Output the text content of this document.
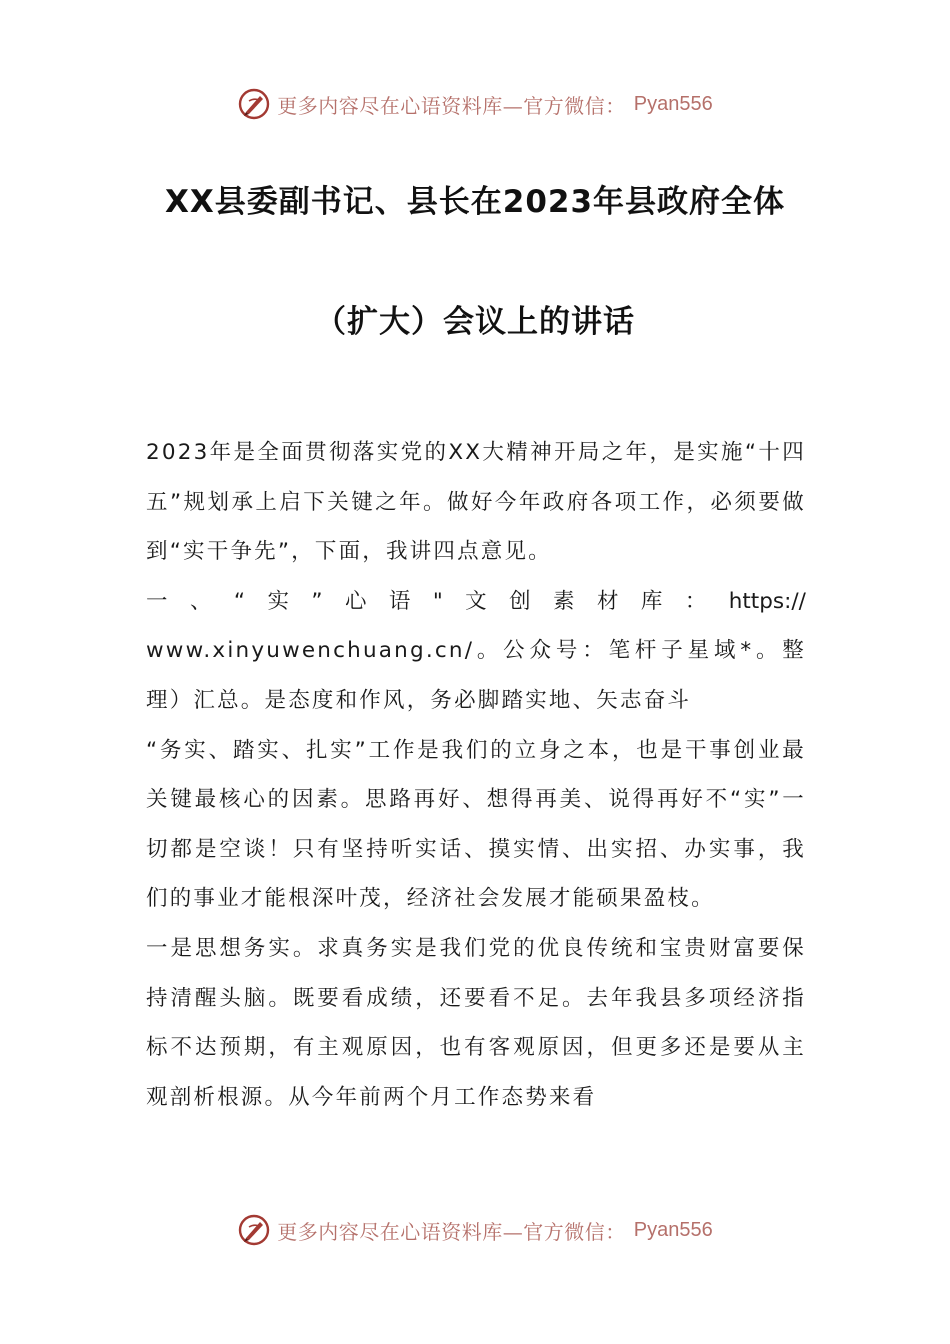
更多内容尽在心语资料库—官方微信： Pyan556
XX县委副书记、县长在2023年县政府全体
（扩大）会议上的讲话

2023年是全面贯彻落实党的XX大精神开局之年，是实施“十四五”规划承上启下关键之年。做好今年政府各项工作，必须要做到“实干争先”，下面，我讲四点意见。

一 、 “ 实 ” 心 语 " 文 创 素 材 库 ： https://

www.xinyuwenchuang.cn/。公众号：笔杆子星域*。整理）汇总。是态度和作风，务必脚踏实地、矢志奋斗

“务实、踏实、扎实”工作是我们的立身之本，也是干事创业最关键最核心的因素。思路再好、想得再美、说得再好不“实”一切都是空谈！只有坚持听实话、摸实情、出实招、办实事，我们的事业才能根深叶茂，经济社会发展才能硕果盈枝。

一是思想务实。求真务实是我们党的优良传统和宝贵财富要保持清醒头脑。既要看成绩，还要看不足。去年我县多项经济指标不达预期，有主观原因，也有客观原因，但更多还是要从主观剖析根源。从今年前两个月工作态势来看

更多内容尽在心语资料库—官方微信： Pyan556
